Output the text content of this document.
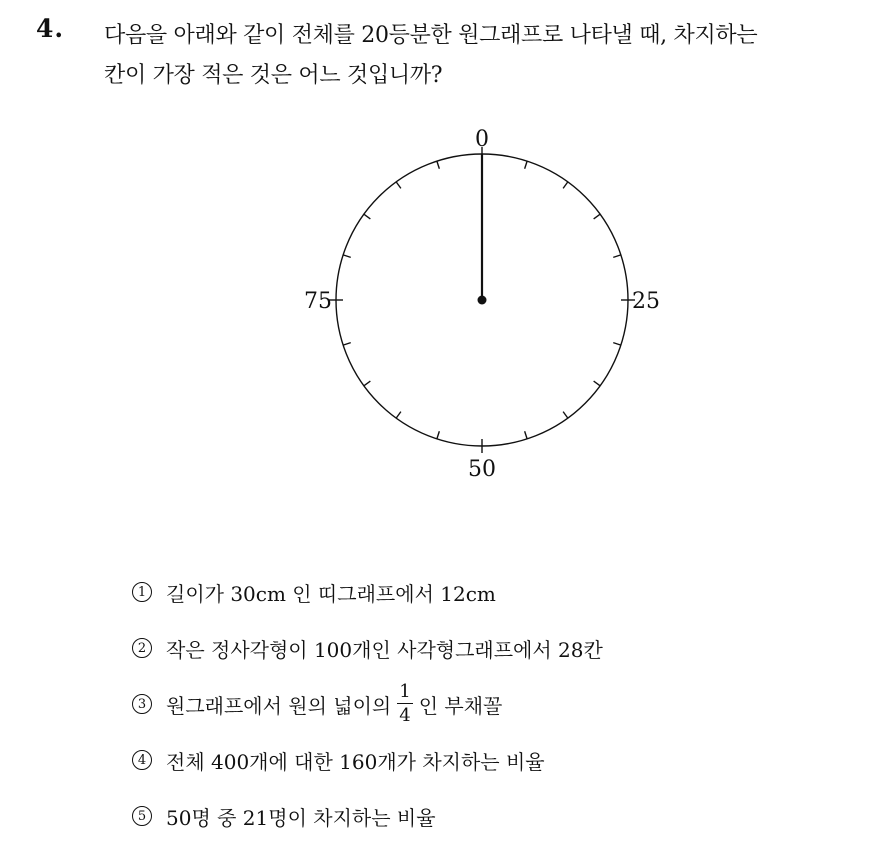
4. 다음을 아래와 같이 전체를 20등분한 원그래프로 나타낼 때, 차지하는
칸이 가장 적은 것은 어느 것입니까?
0
25
50
75
1 길이가 30cm 인 띠그래프에서 12cm
2 작은 정사각형이 100개인 사각형그래프에서 28칸
3 원그래프에서 원의 넓이의 $\frac{1}{4}$ 인 부채꼴
4 전체 400개에 대한 160개가 차지하는 비율
5 50명 중 21명이 차지하는 비율
